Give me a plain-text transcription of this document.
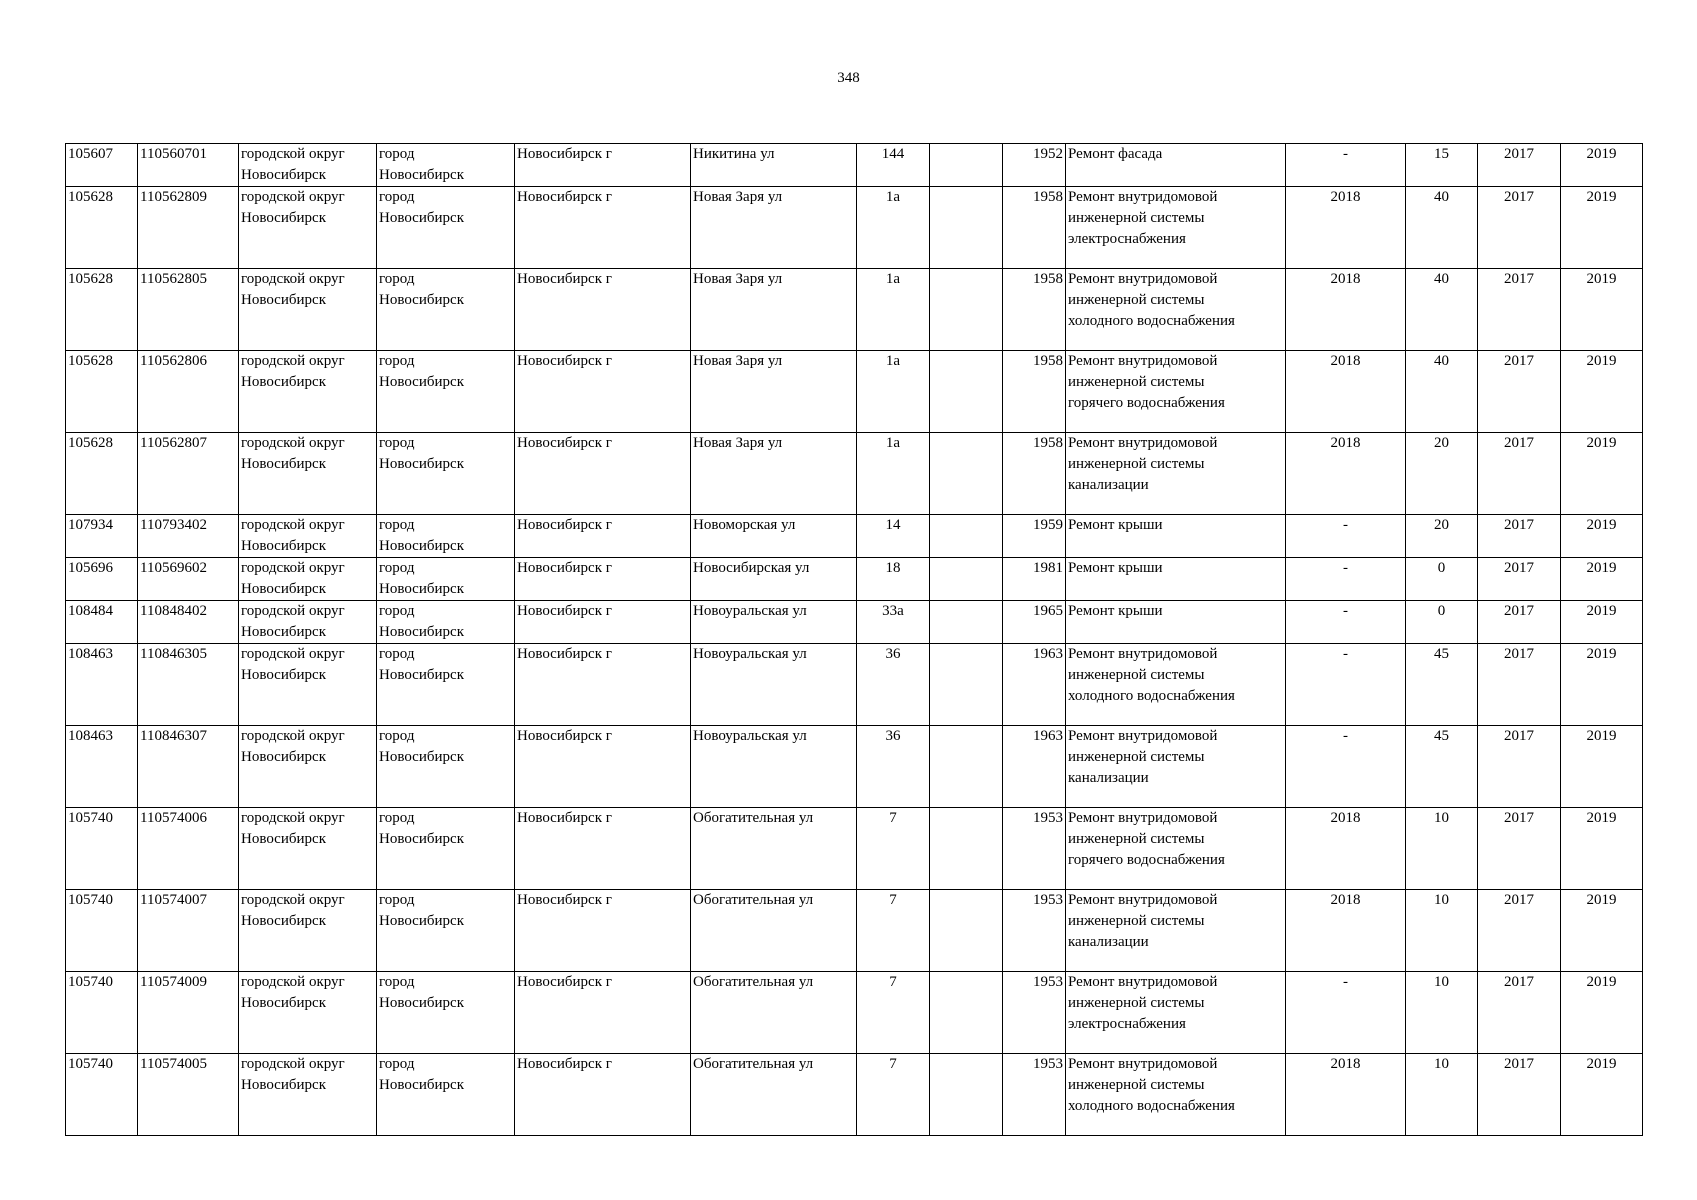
348
105607	110560701	городской округ
Новосибирск	город
Новосибирск	Новосибирск г	Никитина ул	144		1952	Ремонт фасада	-	15	2017	2019
105628	110562809	городской округ
Новосибирск	город
Новосибирск	Новосибирск г	Новая Заря ул	1а		1958	Ремонт внутридомовой
инженерной системы
электроснабжения	2018	40	2017	2019
105628	110562805	городской округ
Новосибирск	город
Новосибирск	Новосибирск г	Новая Заря ул	1а		1958	Ремонт внутридомовой
инженерной системы
холодного водоснабжения	2018	40	2017	2019
105628	110562806	городской округ
Новосибирск	город
Новосибирск	Новосибирск г	Новая Заря ул	1а		1958	Ремонт внутридомовой
инженерной системы
горячего водоснабжения	2018	40	2017	2019
105628	110562807	городской округ
Новосибирск	город
Новосибирск	Новосибирск г	Новая Заря ул	1а		1958	Ремонт внутридомовой
инженерной системы
канализации	2018	20	2017	2019
107934	110793402	городской округ
Новосибирск	город
Новосибирск	Новосибирск г	Новоморская ул	14		1959	Ремонт крыши	-	20	2017	2019
105696	110569602	городской округ
Новосибирск	город
Новосибирск	Новосибирск г	Новосибирская ул	18		1981	Ремонт крыши	-	0	2017	2019
108484	110848402	городской округ
Новосибирск	город
Новосибирск	Новосибирск г	Новоуральская ул	33а		1965	Ремонт крыши	-	0	2017	2019
108463	110846305	городской округ
Новосибирск	город
Новосибирск	Новосибирск г	Новоуральская ул	36		1963	Ремонт внутридомовой
инженерной системы
холодного водоснабжения	-	45	2017	2019
108463	110846307	городской округ
Новосибирск	город
Новосибирск	Новосибирск г	Новоуральская ул	36		1963	Ремонт внутридомовой
инженерной системы
канализации	-	45	2017	2019
105740	110574006	городской округ
Новосибирск	город
Новосибирск	Новосибирск г	Обогатительная ул	7		1953	Ремонт внутридомовой
инженерной системы
горячего водоснабжения	2018	10	2017	2019
105740	110574007	городской округ
Новосибирск	город
Новосибирск	Новосибирск г	Обогатительная ул	7		1953	Ремонт внутридомовой
инженерной системы
канализации	2018	10	2017	2019
105740	110574009	городской округ
Новосибирск	город
Новосибирск	Новосибирск г	Обогатительная ул	7		1953	Ремонт внутридомовой
инженерной системы
электроснабжения	-	10	2017	2019
105740	110574005	городской округ
Новосибирск	город
Новосибирск	Новосибирск г	Обогатительная ул	7		1953	Ремонт внутридомовой
инженерной системы
холодного водоснабжения	2018	10	2017	2019
